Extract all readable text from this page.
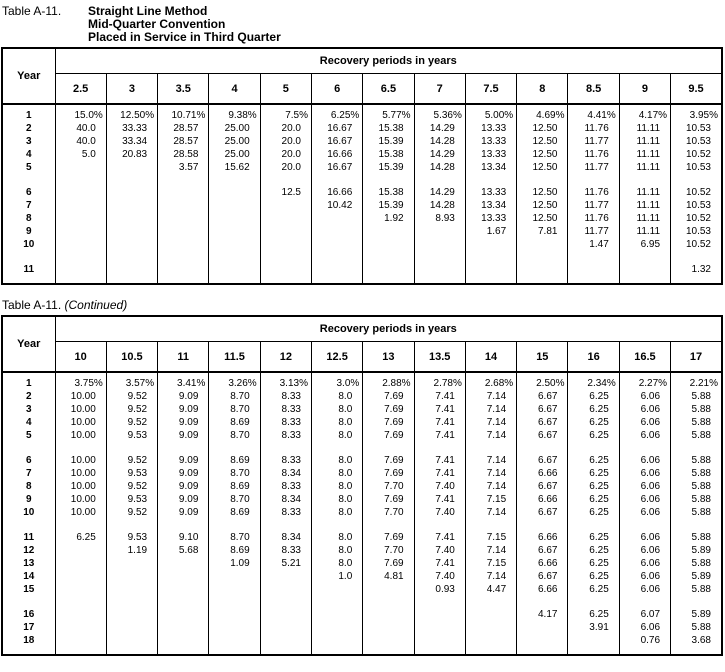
Table A-11.	Straight Line Method
Mid-Quarter Convention
Placed in Service in Third Quarter
Year	Recovery periods in years												
	2.5	3	3.5	4	5	6	6.5	7	7.5	8	8.5	9	9.5

1	15.0%	12.50%	10.71%	9.38%	7.5%	6.25%	5.77%	5.36%	5.00%	4.69%	4.41%	4.17%	3.95%
2	40.0	33.33	28.57	25.00	20.0	16.67	15.38	14.29	13.33	12.50	11.76	11.11	10.53
3	40.0	33.34	28.57	25.00	20.0	16.67	15.39	14.28	13.33	12.50	11.77	11.11	10.53
4	5.0	20.83	28.58	25.00	20.0	16.66	15.38	14.29	13.33	12.50	11.76	11.11	10.52
5			3.57	15.62	20.0	16.67	15.39	14.28	13.34	12.50	11.77	11.11	10.53

6					12.5	16.66	15.38	14.29	13.33	12.50	11.76	11.11	10.52
7						10.42	15.39	14.28	13.34	12.50	11.77	11.11	10.53
8							1.92	8.93	13.33	12.50	11.76	11.11	10.52
9									1.67	7.81	11.77	11.11	10.53
10											1.47	6.95	10.52

11													1.32

Table A-11. (Continued)
Year	Recovery periods in years												
	10	10.5	11	11.5	12	12.5	13	13.5	14	15	16	16.5	17

1	3.75%	3.57%	3.41%	3.26%	3.13%	3.0%	2.88%	2.78%	2.68%	2.50%	2.34%	2.27%	2.21%
2	10.00	9.52	9.09	8.70	8.33	8.0	7.69	7.41	7.14	6.67	6.25	6.06	5.88
3	10.00	9.52	9.09	8.70	8.33	8.0	7.69	7.41	7.14	6.67	6.25	6.06	5.88
4	10.00	9.52	9.09	8.69	8.33	8.0	7.69	7.41	7.14	6.67	6.25	6.06	5.88
5	10.00	9.53	9.09	8.70	8.33	8.0	7.69	7.41	7.14	6.67	6.25	6.06	5.88

6	10.00	9.52	9.09	8.69	8.33	8.0	7.69	7.41	7.14	6.67	6.25	6.06	5.88
7	10.00	9.53	9.09	8.70	8.34	8.0	7.69	7.41	7.14	6.66	6.25	6.06	5.88
8	10.00	9.52	9.09	8.69	8.33	8.0	7.70	7.40	7.14	6.67	6.25	6.06	5.88
9	10.00	9.53	9.09	8.70	8.34	8.0	7.69	7.41	7.15	6.66	6.25	6.06	5.88
10	10.00	9.52	9.09	8.69	8.33	8.0	7.70	7.40	7.14	6.67	6.25	6.06	5.88

11	6.25	9.53	9.10	8.70	8.34	8.0	7.69	7.41	7.15	6.66	6.25	6.06	5.88
12		1.19	5.68	8.69	8.33	8.0	7.70	7.40	7.14	6.67	6.25	6.06	5.89
13				1.09	5.21	8.0	7.69	7.41	7.15	6.66	6.25	6.06	5.88
14						1.0	4.81	7.40	7.14	6.67	6.25	6.06	5.89
15								0.93	4.47	6.66	6.25	6.06	5.88

16										4.17	6.25	6.07	5.89
17											3.91	6.06	5.88
18												0.76	3.68
